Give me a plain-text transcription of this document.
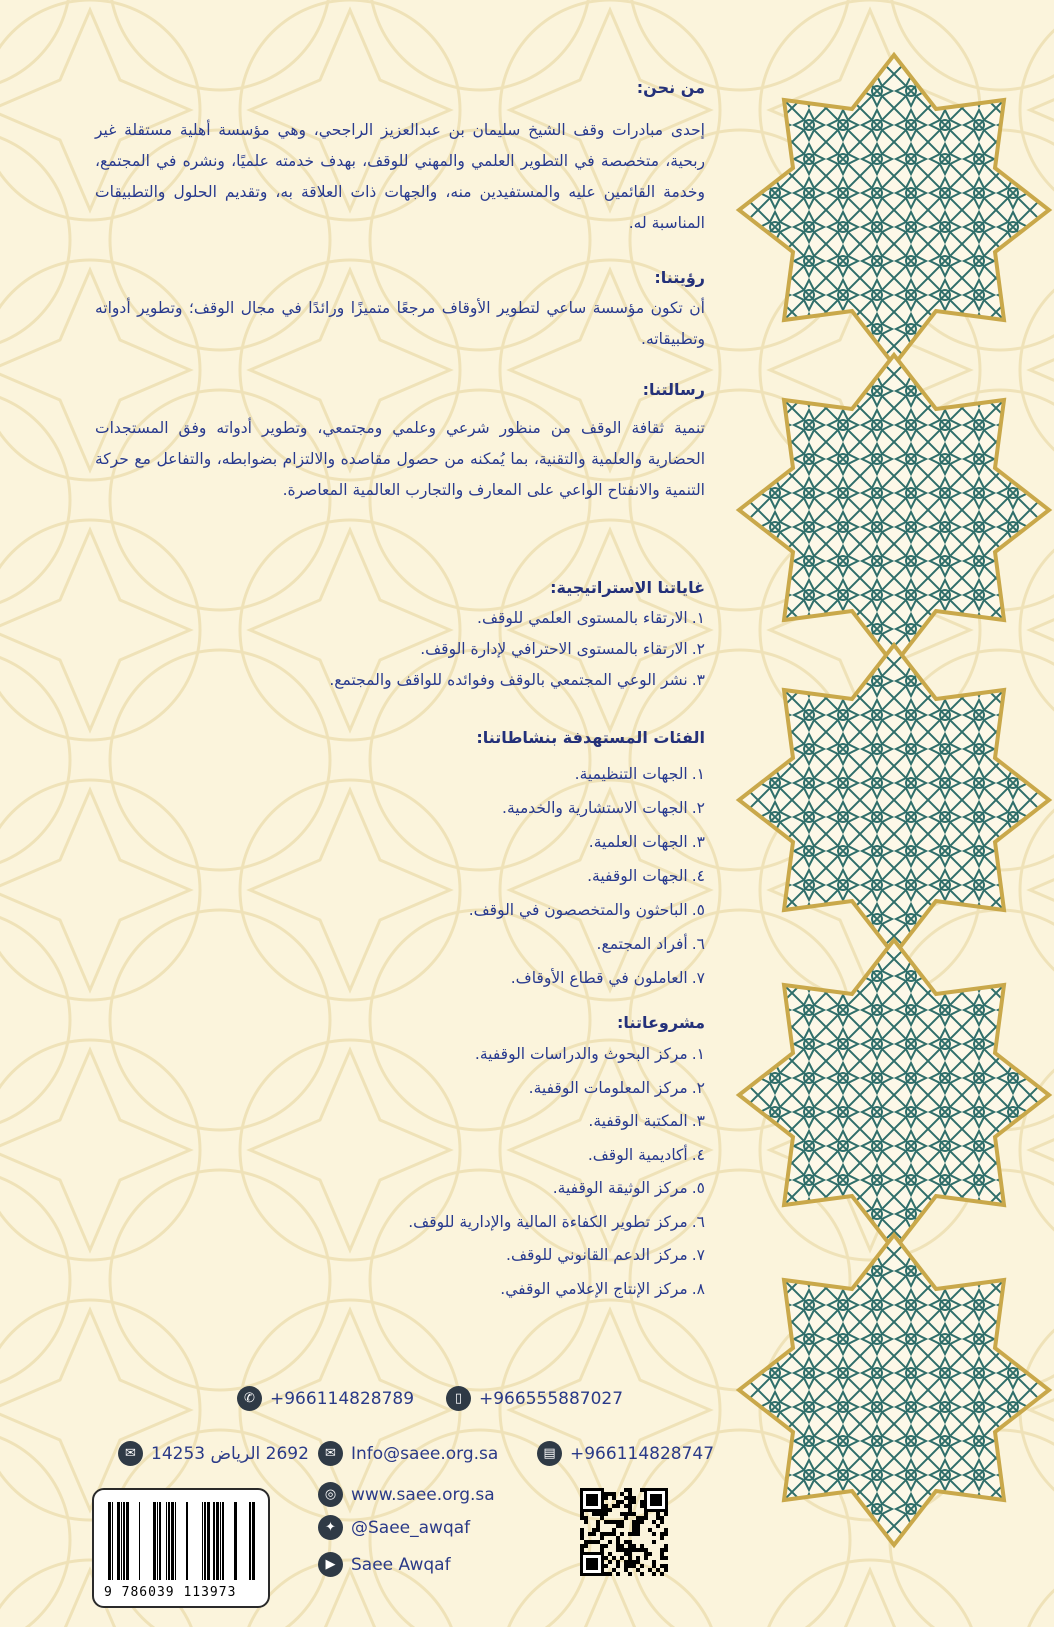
من نحن:

إحدى مبادرات وقف الشيخ سليمان بن عبدالعزيز الراجحي، وهي مؤسسة أهلية مستقلة غير ربحية، متخصصة في التطوير العلمي والمهني للوقف، بهدف خدمته علميًا، ونشره في المجتمع، وخدمة القائمين عليه والمستفيدين منه، والجهات ذات العلاقة به، وتقديم الحلول والتطبيقات المناسبة له.

رؤيتنا:

أن تكون مؤسسة ساعي لتطوير الأوقاف مرجعًا متميزًا ورائدًا في مجال الوقف؛ وتطوير أدواته وتطبيقاته.

رسالتنا:

تنمية ثقافة الوقف من منظور شرعي وعلمي ومجتمعي، وتطوير أدواته وفق المستجدات الحضارية والعلمية والتقنية، بما يُمكنه من حصول مقاصده والالتزام بضوابطه، والتفاعل مع حركة التنمية والانفتاح الواعي على المعارف والتجارب العالمية المعاصرة.

غاياتنا الاستراتيجية:
١.
الارتقاء بالمستوى العلمي للوقف.
٢.
الارتقاء بالمستوى الاحترافي لإدارة الوقف.
٣.
نشر الوعي المجتمعي بالوقف وفوائده للواقف والمجتمع.
الفئات المستهدفة بنشاطاتنا:
١.
الجهات التنظيمية.
٢.
الجهات الاستشارية والخدمية.
٣.
الجهات العلمية.
٤.
الجهات الوقفية.
٥.
الباحثون والمتخصصون في الوقف.
٦.
أفراد المجتمع.
٧.
العاملون في قطاع الأوقاف.
مشروعاتنا:
١.
مركز البحوث والدراسات الوقفية.
٢.
مركز المعلومات الوقفية.
٣.
المكتبة الوقفية.
٤.
أكاديمية الوقف.
٥.
مركز الوثيقة الوقفية.
٦.
مركز تطوير الكفاءة المالية والإدارية للوقف.
٧.
مركز الدعم القانوني للوقف.
٨.
مركز الإنتاج الإعلامي الوقفي.
✆ +966114828789	▯ +966555887027
✉ 2692 الرياض 14253	✉ Info@saee.org.sa	▤ +966114828747
◎ www.saee.org.sa
✦ @Saee_awqaf
▶ Saee Awqaf
9 786039 113973
